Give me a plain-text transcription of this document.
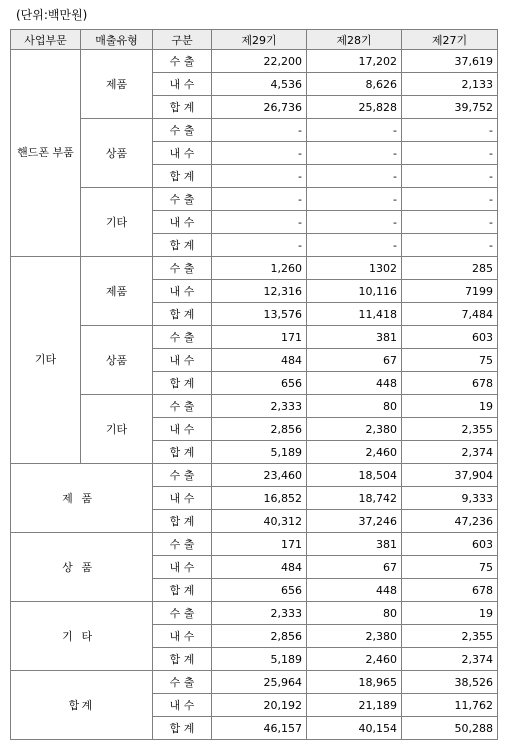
(단위:백만원)
사업부문	매출유형	구분	제29기	제28기	제27기
핸드폰 부품	제품	수 출	22,200	17,202	37,619
		내 수	4,536	8,626	2,133
		합 계	26,736	25,828	39,752
	상품	수 출	-	-	-
		내 수	-	-	-
		합 계	-	-	-
	기타	수 출	-	-	-
		내 수	-	-	-
		합 계	-	-	-
기타	제품	수 출	1,260	1302	285
		내 수	12,316	10,116	7199
		합 계	13,576	11,418	7,484
	상품	수 출	171	381	603
		내 수	484	67	75
		합 계	656	448	678
	기타	수 출	2,333	80	19
		내 수	2,856	2,380	2,355
		합 계	5,189	2,460	2,374
제품		수 출	23,460	18,504	37,904
		내 수	16,852	18,742	9,333
		합 계	40,312	37,246	47,236
상품		수 출	171	381	603
		내 수	484	67	75
		합 계	656	448	678
기타		수 출	2,333	80	19
		내 수	2,856	2,380	2,355
		합 계	5,189	2,460	2,374
합계		수 출	25,964	18,965	38,526
		내 수	20,192	21,189	11,762
		합 계	46,157	40,154	50,288
